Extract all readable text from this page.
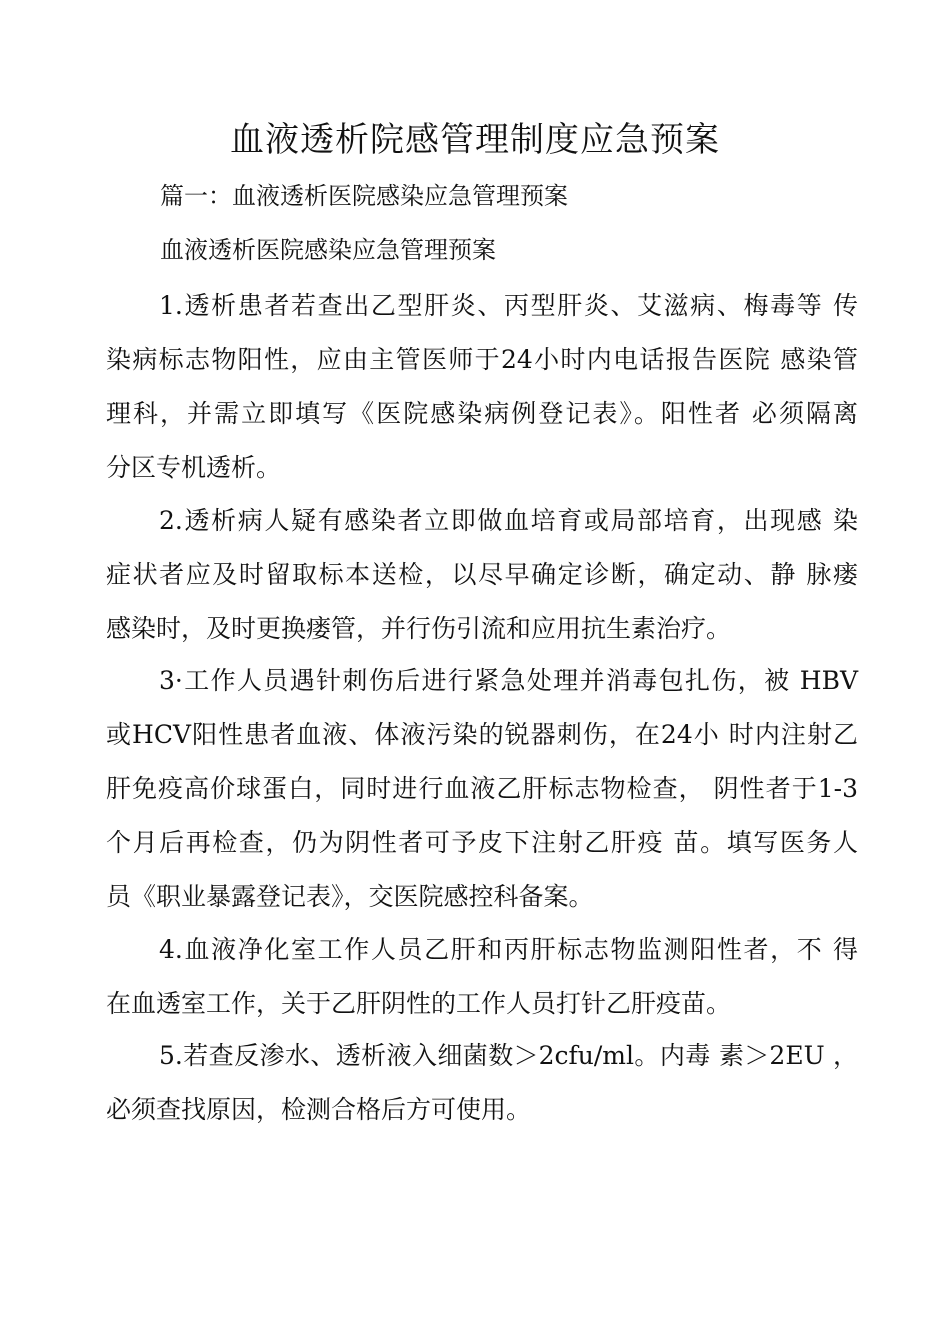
血液透析院感管理制度应急预案

篇一：血液透析医院感染应急管理预案

血液透析医院感染应急管理预案

1.透析患者若查出乙型肝炎、丙型肝炎、艾滋病、梅毒等 传
染病标志物阳性，应由主管医师于24小时内电话报告医院 感染管
理科，并需立即填写《医院感染病例登记表》。阳性者 必须隔离
分区专机透析。
2.透析病人疑有感染者立即做血培育或局部培育，出现感 染
症状者应及时留取标本送检，以尽早确定诊断，确定动、静 脉瘘
感染时，及时更换瘘管，并行伤引流和应用抗生素治疗。
3·工作人员遇针刺伤后进行紧急处理并消毒包扎伤，被 HBV
或HCV阳性患者血液、体液污染的锐器刺伤，在24小 时内注射乙
肝免疫高价球蛋白，同时进行血液乙肝标志物检查， 阴性者于1-3
个月后再检查，仍为阴性者可予皮下注射乙肝疫 苗。填写医务人
员《职业暴露登记表》，交医院感控科备案。
4.血液净化室工作人员乙肝和丙肝标志物监测阳性者，不 得
在血透室工作，关于乙肝阴性的工作人员打针乙肝疫苗。
5.若查反渗水、透析液入细菌数＞2cfu/ml。内毒 素＞2EU ，
必须查找原因，检测合格后方可使用。
